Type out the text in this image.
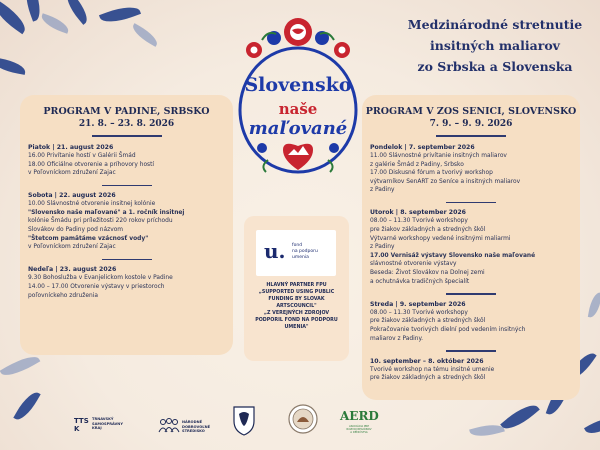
Medzinárodné stretnutie
insitných maliarov
zo Srbska a Slovenska
Slovensko
naše
maľované
PROGRAM V PADINE, SRBSKO
21. 8. – 23. 8. 2026
Piatok | 21. august 2026
16.00 Privítanie hostí v Galérii Šmád
18.00 Oficiálne otvorenie a príhovory hostí
v Poľovníckom združení Zajac
Sobota | 22. august 2026
10.00 Slávnostné otvorenie insitnej kolónie
"Slovensko naše maľované" a 1. ročník insitnej
kolónie Šmádu pri príležitosti 220 rokov príchodu
Slovákov do Padiny pod názvom
"Štetcom pamätáme vzácnosť vody"
v Poľovníckom združení Zajac
Nedeľa | 23. august 2026
9.30 Bohoslužba v Evanjelickom kostole v Padine
14.00 – 17.00 Otvorenie výstavy v priestoroch
poľovníckeho združenia
u. fond
na podporu
umenia
HLAVNÝ PARTNER FPU
„SUPPORTED USING PUBLIC
FUNDING BY SLOVAK
ARTSCOUNCIL"
„Z VEREJNÝCH ZDROJOV
PODPORIL FOND NA PODPORU
UMENIA"
PROGRAM V ZOS SENICI, SLOVENSKO
7. 9. – 9. 9. 2026
Pondelok | 7. september 2026
11.00 Slávnostné privítanie insitných maliarov
z galérie Šmád z Padiny, Srbsko
17.00 Diskusné fórum a tvorivý workshop
výtvarníkov SenART zo Seníce a insitných maliarov
z Padiny
Utorok | 8. september 2026
08.00 – 11.30 Tvorivé workshopy
pre žiakov základných a stredných škôl
Výtvarné workshopy vedené insitnými maliarmi
z Padiny
17.00 Vernisáž výstavy Slovensko naše maľované
slávnostné otvorenie výstavy
Beseda: Život Slovákov na Dolnej zemi
a ochutnávka tradičných špecialít
Streda | 9. september 2026
08.00 – 11.30 Tvorivé workshopy
pre žiakov základných a stredných škôl
Pokračovanie tvorivých dielní pod vedením insitných
maliarov z Padiny.
10. september – 8. október 2026
Tvorivé workshop na tému insitné umenie
pre žiakov základných a stredných škôl
TTSK
TRNAVSKÝ
SAMOSPRÁVNY
KRAJ
NÁRODNÉ
DOBROVOĽNÉ
STREDISKO
AERD
ASOCIÁCIA PRE
ROZVOJ REGIÓNOV
A DEDIČSTVA
